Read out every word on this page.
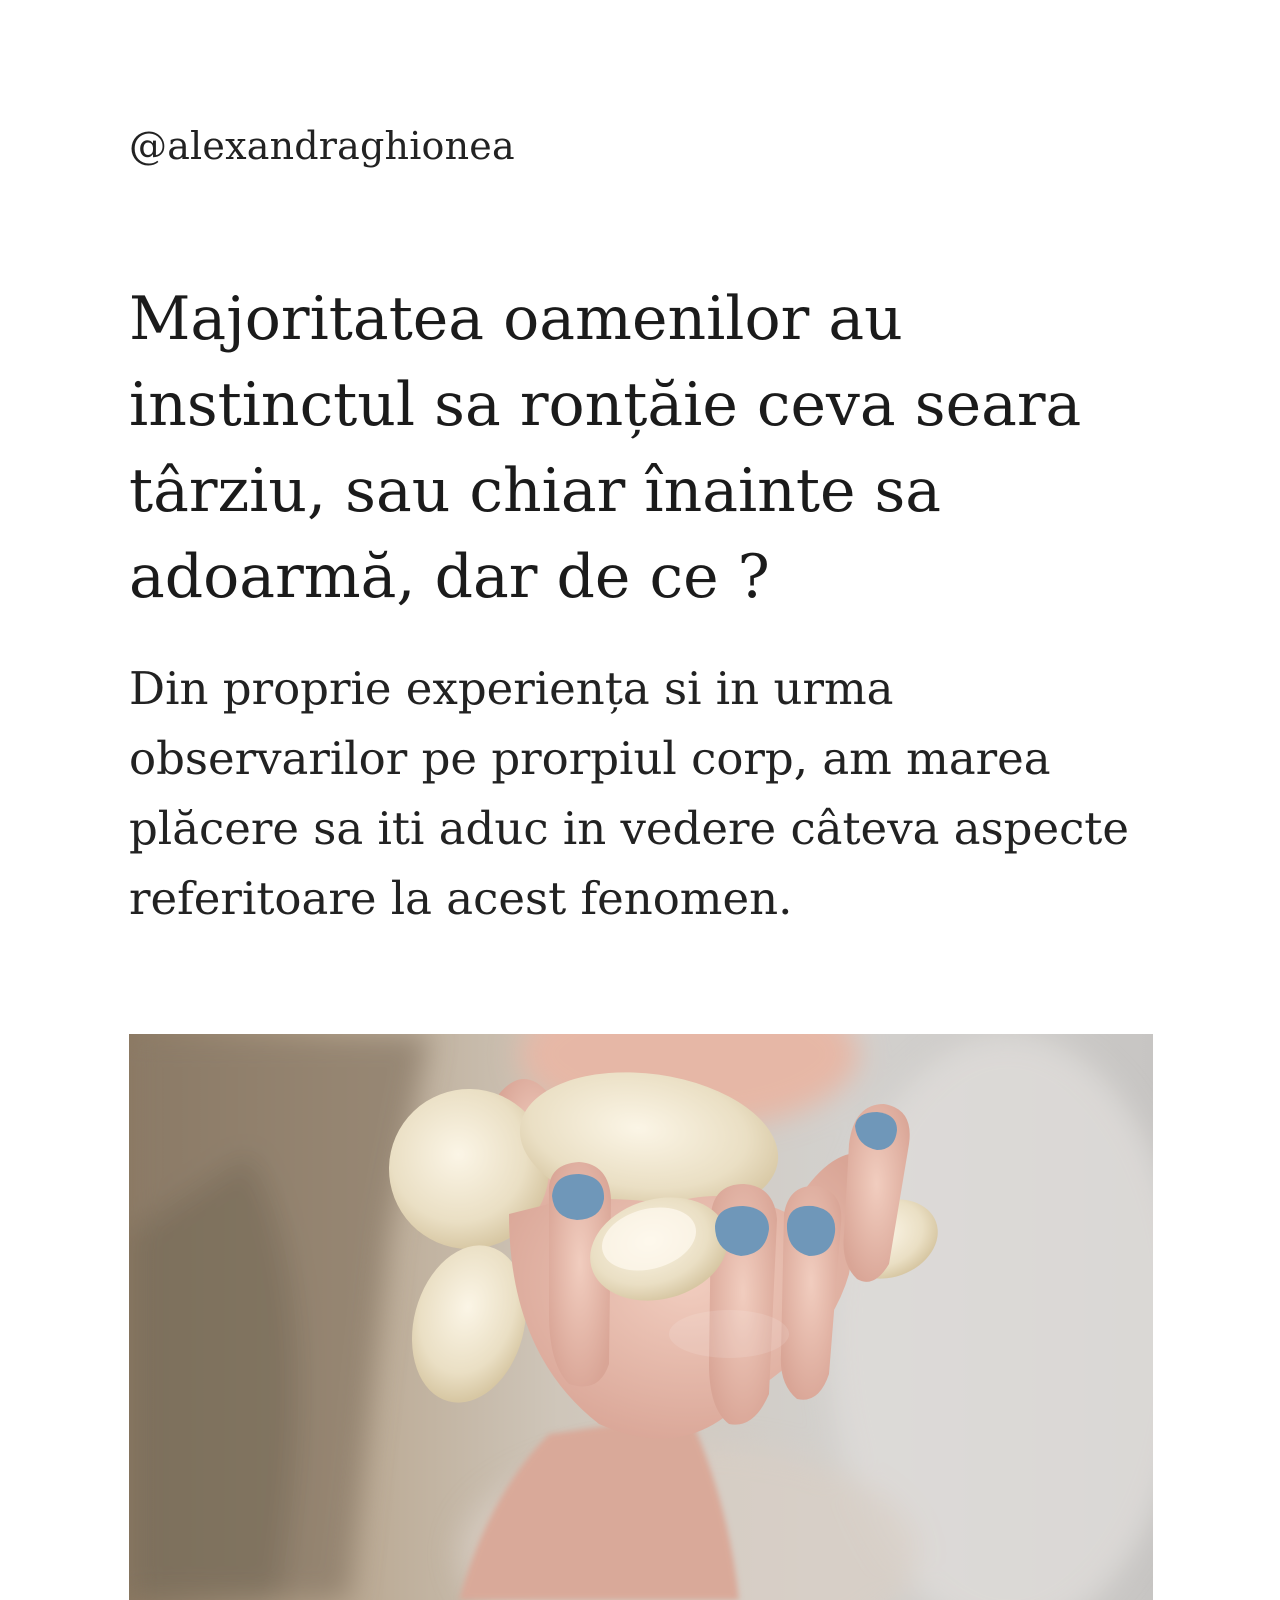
@alexandraghionea
Majoritatea oamenilor au
instinctul sa ronțăie ceva seara
târziu, sau chiar înainte sa
adoarmă, dar de ce ?

Din proprie experiența si in urma
observarilor pe prorpiul corp, am marea
plăcere sa iti aduc in vedere câteva aspecte
referitoare la acest fenomen.
